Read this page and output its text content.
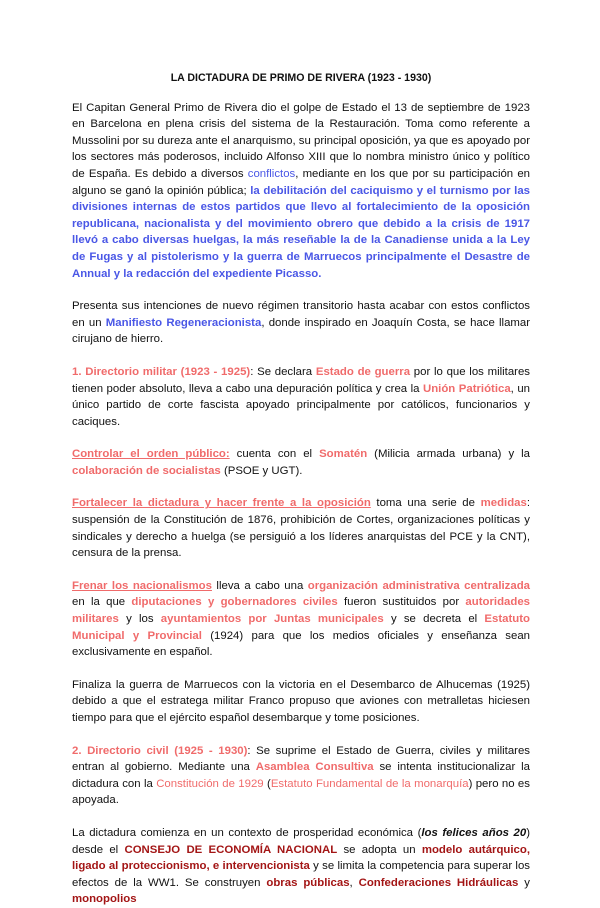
LA DICTADURA DE PRIMO DE RIVERA (1923 - 1930)

El Capitan General Primo de Rivera dio el golpe de Estado el 13 de septiembre de 1923 en Barcelona en plena crisis del sistema de la Restauración. Toma como referente a Mussolini por su dureza ante el anarquismo, su principal oposición, ya que es apoyado por los sectores más poderosos, incluido Alfonso XIII que lo nombra ministro único y político de España. Es debido a diversos conflictos, mediante en los que por su participación en alguno se ganó la opinión pública; la debilitación del caciquismo y el turnismo por las divisiones internas de estos partidos que llevo al fortalecimiento de la oposición republicana, nacionalista y del movimiento obrero que debido a la crisis de 1917 llevó a cabo diversas huelgas, la más reseñable la de la Canadiense unida a la Ley de Fugas y al pistolerismo y la guerra de Marruecos principalmente el Desastre de Annual y la redacción del expediente Picasso.

Presenta sus intenciones de nuevo régimen transitorio hasta acabar con estos conflictos en un Manifiesto Regeneracionista, donde inspirado en Joaquín Costa, se hace llamar cirujano de hierro.

1. Directorio militar (1923 - 1925): Se declara Estado de guerra por lo que los militares tienen poder absoluto, lleva a cabo una depuración política y crea la Unión Patriótica, un único partido de corte fascista apoyado principalmente por católicos, funcionarios y caciques.

Controlar el orden público: cuenta con el Somatén (Milicia armada urbana) y la colaboración de socialistas (PSOE y UGT).

Fortalecer la dictadura y hacer frente a la oposición toma una serie de medidas: suspensión de la Constitución de 1876, prohibición de Cortes, organizaciones políticas y sindicales y derecho a huelga (se persiguió a los líderes anarquistas del PCE y la CNT), censura de la prensa.

Frenar los nacionalismos lleva a cabo una organización administrativa centralizada en la que diputaciones y gobernadores civiles fueron sustituidos por autoridades militares y los ayuntamientos por Juntas municipales y se decreta el Estatuto Municipal y Provincial (1924) para que los medios oficiales y enseñanza sean exclusivamente en español.

Finaliza la guerra de Marruecos con la victoria en el Desembarco de Alhucemas (1925) debido a que el estratega militar Franco propuso que aviones con metralletas hiciesen tiempo para que el ejército español desembarque y tome posiciones.

2. Directorio civil (1925 - 1930): Se suprime el Estado de Guerra, civiles y militares entran al gobierno. Mediante una Asamblea Consultiva se intenta institucionalizar la dictadura con la Constitución de 1929 (Estatuto Fundamental de la monarquía) pero no es apoyada.

La dictadura comienza en un contexto de prosperidad económica (los felices años 20) desde el CONSEJO DE ECONOMÍA NACIONAL se adopta un modelo autárquico, ligado al proteccionismo, e intervencionista y se limita la competencia para superar los efectos de la WW1. Se construyen obras públicas, Confederaciones Hidráulicas y monopolios
